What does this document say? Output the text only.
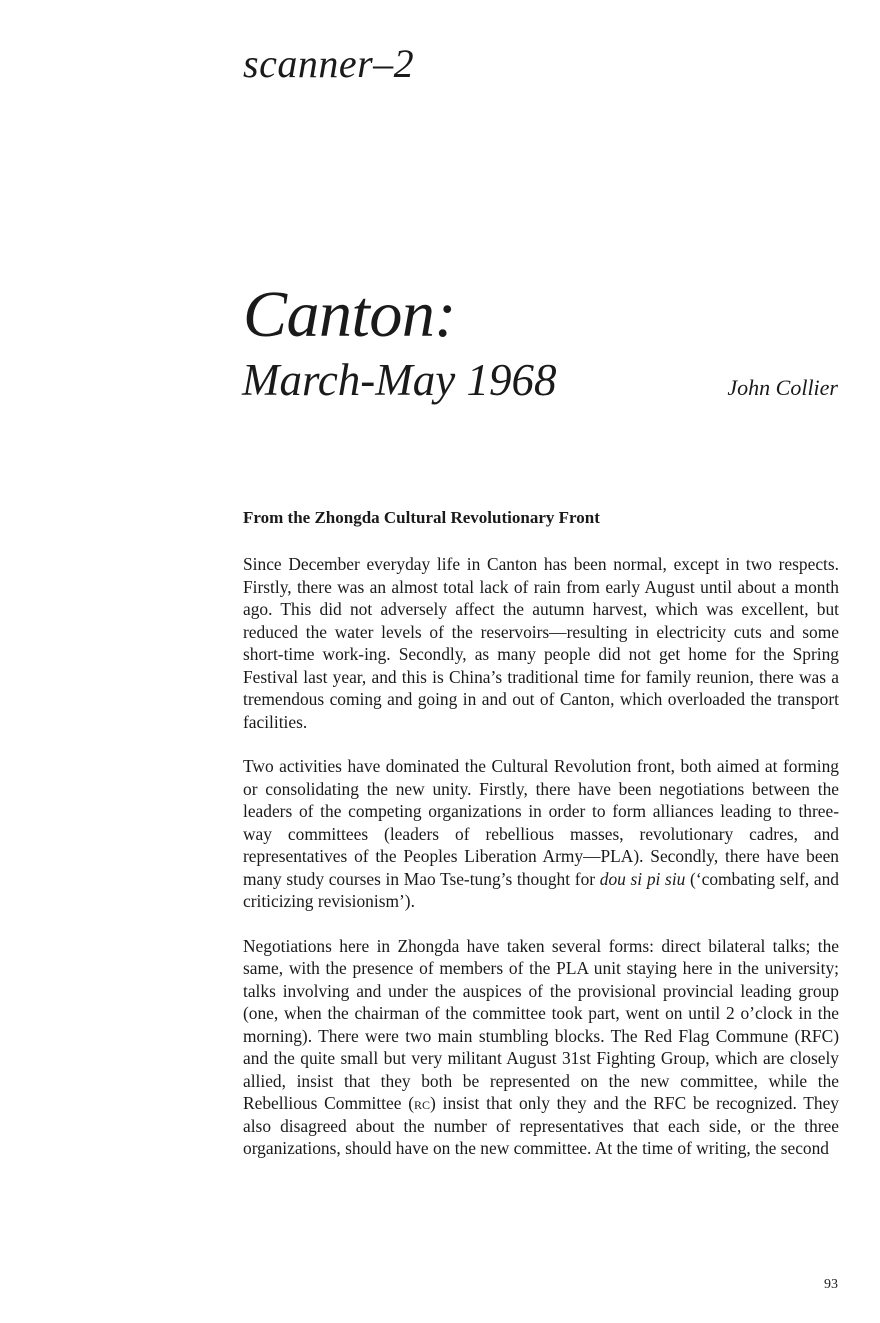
scanner–2
Canton:
March-May 1968	John Collier
From the Zhongda Cultural Revolutionary Front

Since December everyday life in Canton has been normal, except in two respects. Firstly, there was an almost total lack of rain from early August until about a month ago. This did not adversely affect the autumn harvest, which was excellent, but reduced the water levels of the reservoirs—resulting in electricity cuts and some short-time work-ing. Secondly, as many people did not get home for the Spring Festival last year, and this is China’s traditional time for family reunion, there was a tremendous coming and going in and out of Canton, which overloaded the transport facilities.

Two activities have dominated the Cultural Revolution front, both aimed at forming or consolidating the new unity. Firstly, there have been negotiations between the leaders of the competing organizations in order to form alliances leading to three-way committees (leaders of rebellious masses, revolutionary cadres, and representatives of the Peoples Liberation Army—PLA). Secondly, there have been many study courses in Mao Tse-tung’s thought for dou si pi siu (‘combating self, and criticizing revisionism’).

Negotiations here in Zhongda have taken several forms: direct bilateral talks; the same, with the presence of members of the PLA unit staying here in the university; talks involving and under the auspices of the provisional provincial leading group (one, when the chairman of the committee took part, went on until 2 o’clock in the morning). There were two main stumbling blocks. The Red Flag Commune (RFC) and the quite small but very militant August 31st Fighting Group, which are closely allied, insist that they both be represented on the new committee, while the Rebellious Committee (rc) insist that only they and the RFC be recognized. They also disagreed about the number of representatives that each side, or the three organizations, should have on the new committee. At the time of writing, the second

93
